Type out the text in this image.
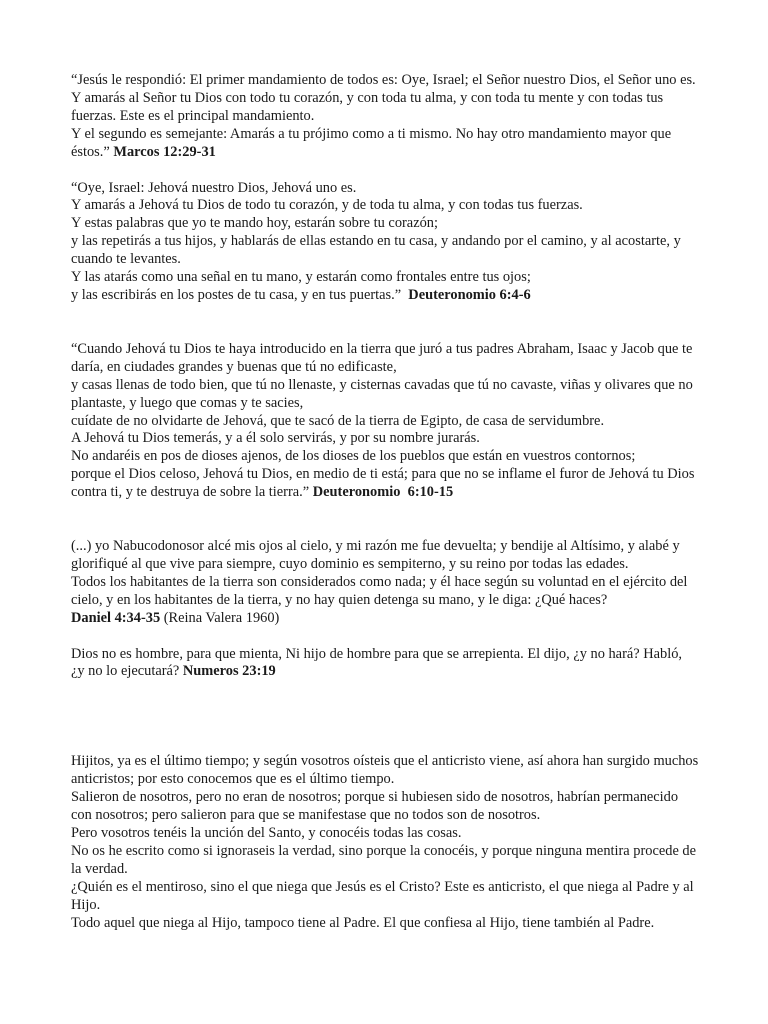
“Jesús le respondió: El primer mandamiento de todos es: Oye, Israel; el Señor nuestro Dios, el Señor uno es.

Y amarás al Señor tu Dios con todo tu corazón, y con toda tu alma, y con toda tu mente y con todas tus fuerzas. Este es el principal mandamiento.

Y el segundo es semejante: Amarás a tu prójimo como a ti mismo. No hay otro mandamiento mayor que éstos.” Marcos 12:29-31

“Oye, Israel: Jehová nuestro Dios, Jehová uno es.

Y amarás a Jehová tu Dios de todo tu corazón, y de toda tu alma, y con todas tus fuerzas.

Y estas palabras que yo te mando hoy, estarán sobre tu corazón;

y las repetirás a tus hijos, y hablarás de ellas estando en tu casa, y andando por el camino, y al acostarte, y cuando te levantes.

Y las atarás como una señal en tu mano, y estarán como frontales entre tus ojos;

y las escribirás en los postes de tu casa, y en tus puertas.” Deuteronomio 6:4-6

“Cuando Jehová tu Dios te haya introducido en la tierra que juró a tus padres Abraham, Isaac y Jacob que te daría, en ciudades grandes y buenas que tú no edificaste,

y casas llenas de todo bien, que tú no llenaste, y cisternas cavadas que tú no cavaste, viñas y olivares que no plantaste, y luego que comas y te sacies,

cuídate de no olvidarte de Jehová, que te sacó de la tierra de Egipto, de casa de servidumbre.

A Jehová tu Dios temerás, y a él solo servirás, y por su nombre jurarás.

No andaréis en pos de dioses ajenos, de los dioses de los pueblos que están en vuestros contornos;

porque el Dios celoso, Jehová tu Dios, en medio de ti está; para que no se inflame el furor de Jehová tu Dios contra ti, y te destruya de sobre la tierra.” Deuteronomio  6:10-15

(...) yo Nabucodonosor alcé mis ojos al cielo, y mi razón me fue devuelta; y bendije al Altísimo, y alabé y glorifiqué al que vive para siempre, cuyo dominio es sempiterno, y su reino por todas las edades.

Todos los habitantes de la tierra son considerados como nada; y él hace según su voluntad en el ejército del cielo, y en los habitantes de la tierra, y no hay quien detenga su mano, y le diga: ¿Qué haces?

Daniel 4:34-35 (Reina Valera 1960)

Dios no es hombre, para que mienta, Ni hijo de hombre para que se arrepienta. El dijo, ¿y no hará? Habló, ¿y no lo ejecutará? Numeros 23:19

Hijitos, ya es el último tiempo; y según vosotros oísteis que el anticristo viene, así ahora han surgido muchos anticristos; por esto conocemos que es el último tiempo.

Salieron de nosotros, pero no eran de nosotros; porque si hubiesen sido de nosotros, habrían permanecido con nosotros; pero salieron para que se manifestase que no todos son de nosotros.

Pero vosotros tenéis la unción del Santo, y conocéis todas las cosas.

No os he escrito como si ignoraseis la verdad, sino porque la conocéis, y porque ninguna mentira procede de la verdad.

¿Quién es el mentiroso, sino el que niega que Jesús es el Cristo? Este es anticristo, el que niega al Padre y al Hijo.

Todo aquel que niega al Hijo, tampoco tiene al Padre. El que confiesa al Hijo, tiene también al Padre.
